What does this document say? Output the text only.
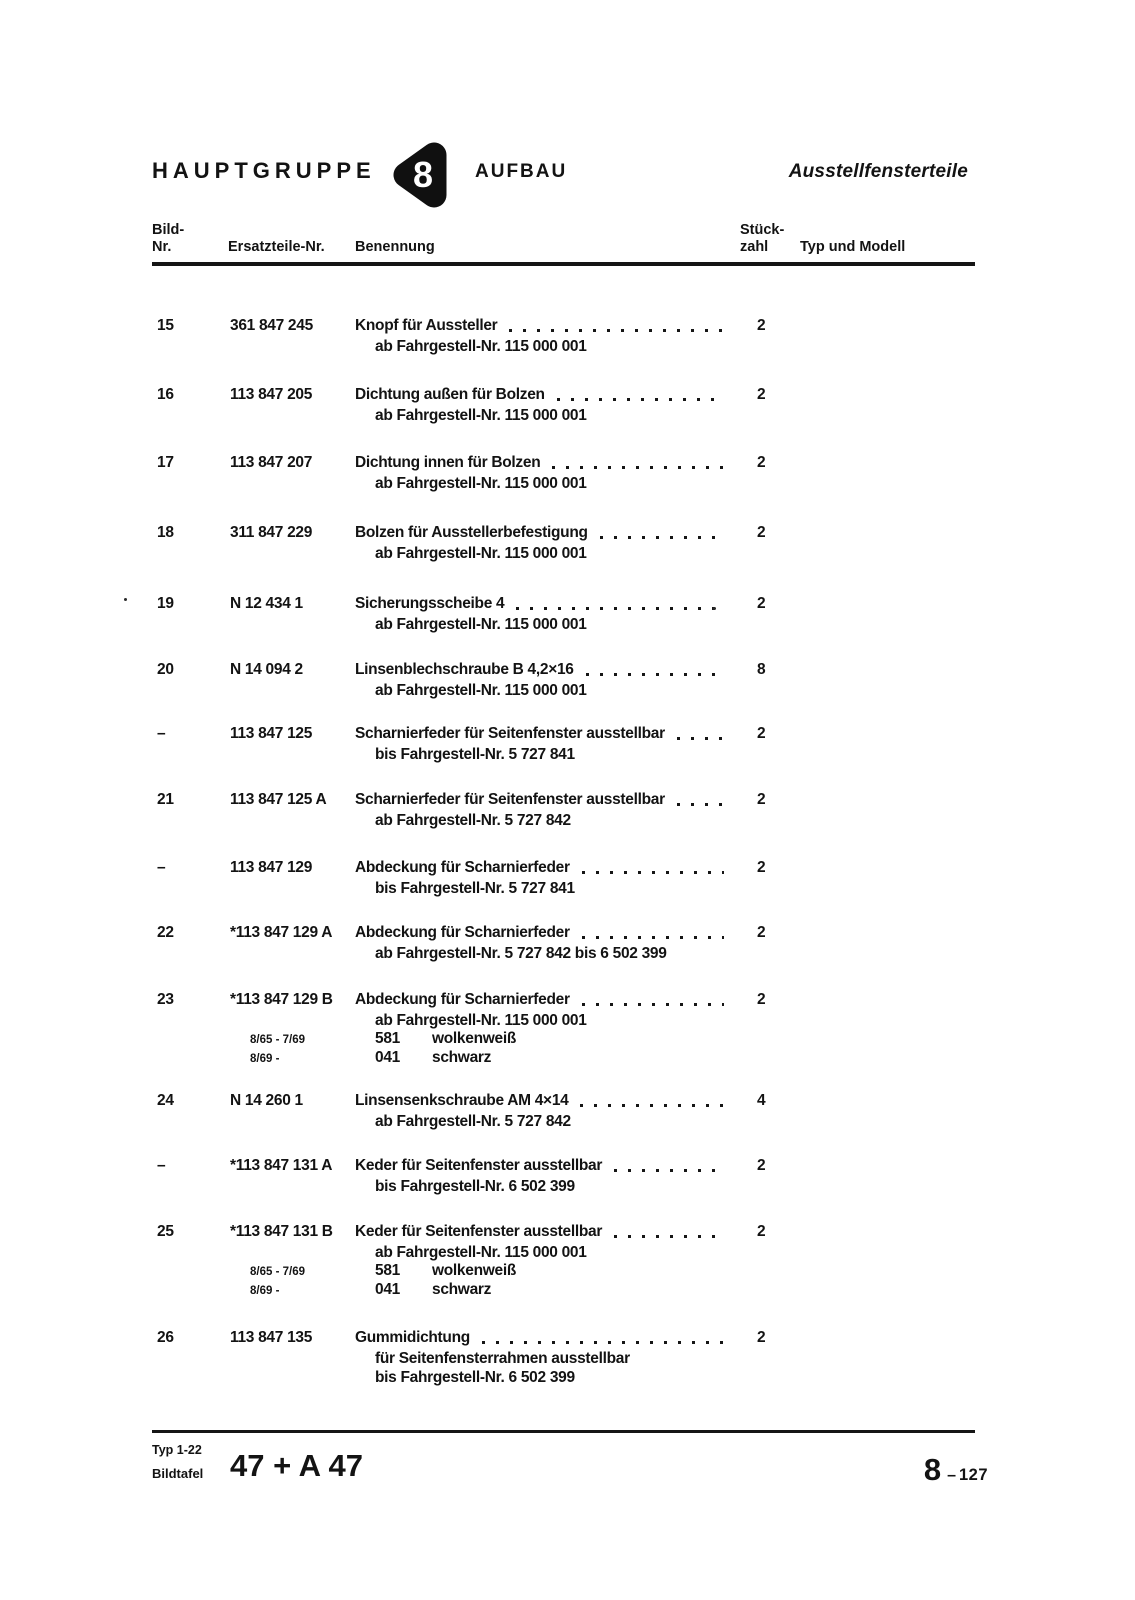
HAUPTGRUPPE	8	AUFBAU	Ausstellfensterteile
Bild-
Nr.	Ersatzteile-Nr. Benennung
Stück-
zahl	Typ und Modell
15	361 847 245	Knopf für Aussteller	2
ab Fahrgestell-Nr. 115 000 001
16	113 847 205	Dichtung außen für Bolzen	2
ab Fahrgestell-Nr. 115 000 001
17	113 847 207	Dichtung innen für Bolzen	2
ab Fahrgestell-Nr. 115 000 001
18	311 847 229	Bolzen für Ausstellerbefestigung	2
ab Fahrgestell-Nr. 115 000 001
19	N 12 434 1	Sicherungsscheibe 4	2
ab Fahrgestell-Nr. 115 000 001
20	N 14 094 2	Linsenblechschraube B 4,2×16	8
ab Fahrgestell-Nr. 115 000 001
–	113 847 125	Scharnierfeder für Seitenfenster ausstellbar	2
bis Fahrgestell-Nr. 5 727 841
21	113 847 125 A	Scharnierfeder für Seitenfenster ausstellbar	2
ab Fahrgestell-Nr. 5 727 842
–	113 847 129	Abdeckung für Scharnierfeder	2
bis Fahrgestell-Nr. 5 727 841
22	*113 847 129 A	Abdeckung für Scharnierfeder	2
ab Fahrgestell-Nr. 5 727 842 bis 6 502 399
23	*113 847 129 B	Abdeckung für Scharnierfeder	2
ab Fahrgestell-Nr. 115 000 001
8/65 - 7/69	581	wolkenweiß
8/69 -	041	schwarz
24	N 14 260 1	Linsensenkschraube AM 4×14	4
ab Fahrgestell-Nr. 5 727 842
–	*113 847 131 A	Keder für Seitenfenster ausstellbar	2
bis Fahrgestell-Nr. 6 502 399
25	*113 847 131 B	Keder für Seitenfenster ausstellbar	2
ab Fahrgestell-Nr. 115 000 001
8/65 - 7/69	581	wolkenweiß
8/69 -	041	schwarz
26	113 847 135	Gummidichtung	2
für Seitenfensterrahmen ausstellbar
bis Fahrgestell-Nr. 6 502 399
Typ 1-22
Bildtafel 47 + A 47	8 – 127
